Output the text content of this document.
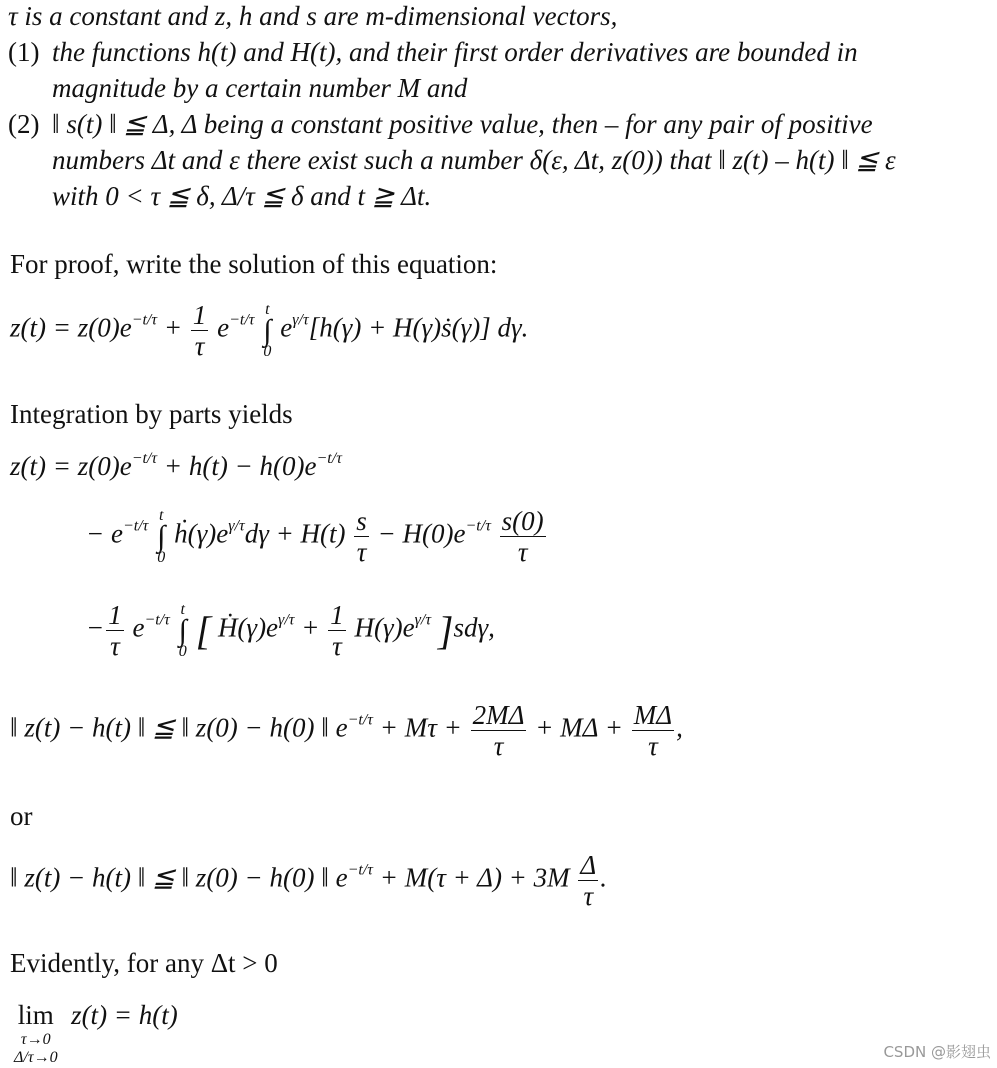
τ is a constant and z, h and s are m-dimensional vectors,
(1) the functions h(t) and H(t), and their first order derivatives are bounded in
magnitude by a certain number M and
(2) ‖ s(t) ‖ ≦ Δ, Δ being a constant positive value, then – for any pair of positive
numbers Δt and ε there exist such a number δ(ε, Δt, z(0)) that ‖ z(t) – h(t) ‖ ≦ ε
with 0 < τ ≦ δ, Δ/τ ≦ δ and t ≧ Δt.
For proof, write the solution of this equation:
$z(t) = z(0)e^{-t/\tau} + \frac{1}{\tau} e^{-t/\tau}$ t
∫
0 $e^{\gamma/\tau}[h(\gamma)$ + H(γ)ṡ(γ)] dγ.
Integration by parts yields
$z(t) = z(0)e^{-t/\tau} + h(t) - h(0)e^{-t/\tau}$
− $e^{-t/\tau}$ t
∫
0 $ḣ(\gamma)e^{\gamma/\tau}d\gamma + H(t) \frac{s}{\tau} - H(0)e^{-t/\tau} \frac{s(0)}{\tau}$
− $\frac{1}{\tau} e^{-t/\tau}$ t
∫
0 [ $Ḣ(\gamma)e^{\gamma/\tau} + \frac{1}{\tau} H(\gamma)e^{\gamma/\tau}$ ]sdγ,
‖ z(t) − h(t) ‖ ≦ ‖ z(0) − h(0) ‖ $e^{-t/\tau} + M\tau + \frac{2M\Delta}{\tau} + M\Delta + \frac{M\Delta}{\tau}$ ,
or
‖ z(t) − h(t) ‖ ≦ ‖ z(0) − h(0) ‖ $e^{-t/\tau} + M(\tau + \Delta) + 3M \frac{\Delta}{\tau}$ .
Evidently, for any Δt > 0
lim
τ→0
Δ/τ→0
z(t) = h(t)
CSDN @影翅虫
